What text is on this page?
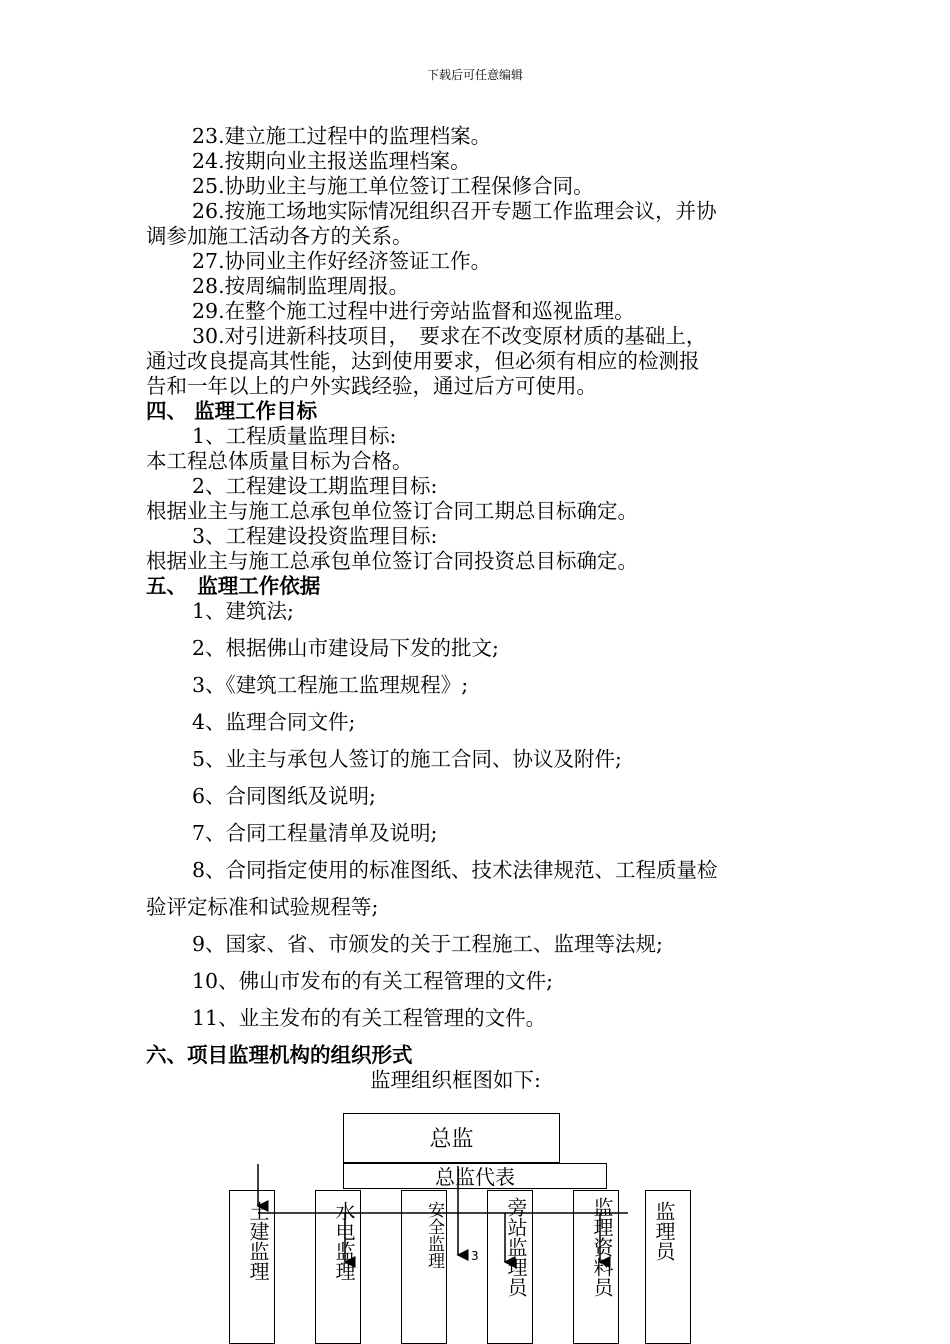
下载后可任意编辑
23.建立施工过程中的监理档案。
24.按期向业主报送监理档案。
25.协助业主与施工单位签订工程保修合同。
26.按施工场地实际情况组织召开专题工作监理会议，并协
调参加施工活动各方的关系。
27.协同业主作好经济签证工作。
28.按周编制监理周报。
29.在整个施工过程中进行旁站监督和巡视监理。
30.对引进新科技项目，　要求在不改变原材质的基础上，
通过改良提高其性能，达到使用要求，但必须有相应的检测报
告和一年以上的户外实践经验，通过后方可使用。
四、 监理工作目标
1、工程质量监理目标:
本工程总体质量目标为合格。
2、工程建设工期监理目标:
根据业主与施工总承包单位签订合同工期总目标确定。
3、工程建设投资监理目标:
根据业主与施工总承包单位签订合同投资总目标确定。
五、　监理工作依据
1、建筑法;
2、根据佛山市建设局下发的批文;
3、《建筑工程施工监理规程》;
4、监理合同文件;
5、业主与承包人签订的施工合同、协议及附件;
6、合同图纸及说明;
7、合同工程量清单及说明;
8、合同指定使用的标准图纸、技术法律规范、工程质量检
验评定标准和试验规程等;
9、国家、省、市颁发的关于工程施工、监理等法规;
10、佛山市发布的有关工程管理的文件;
11、业主发布的有关工程管理的文件。
六、项目监理机构的组织形式
监理组织框图如下:
总监
总监代表
土建监理	水电监理	安全监理	旁站监理员	监理资料员 监理员
3
